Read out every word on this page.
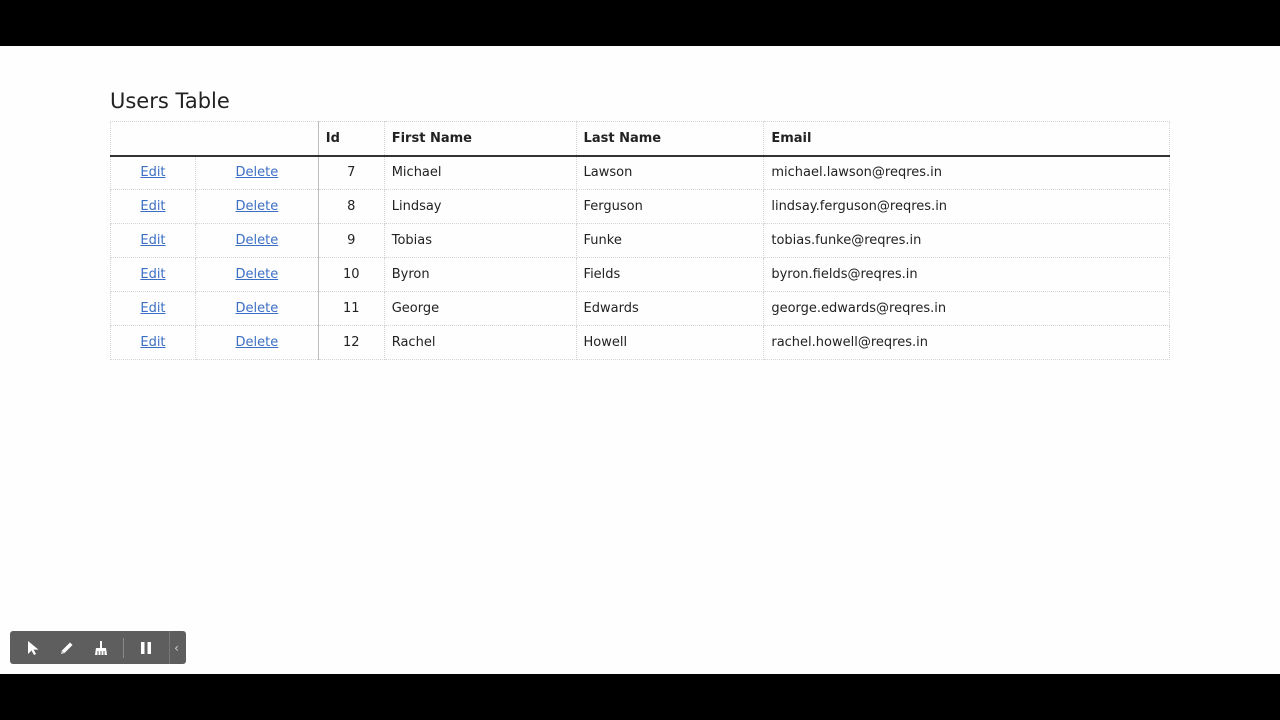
Users Table
		Id	First Name	Last Name	Email
Edit	Delete	7	Michael	Lawson	michael.lawson@reqres.in
Edit	Delete	8	Lindsay	Ferguson	lindsay.ferguson@reqres.in
Edit	Delete	9	Tobias	Funke	tobias.funke@reqres.in
Edit	Delete	10	Byron	Fields	byron.fields@reqres.in
Edit	Delete	11	George	Edwards	george.edwards@reqres.in
Edit	Delete	12	Rachel	Howell	rachel.howell@reqres.in
‹
